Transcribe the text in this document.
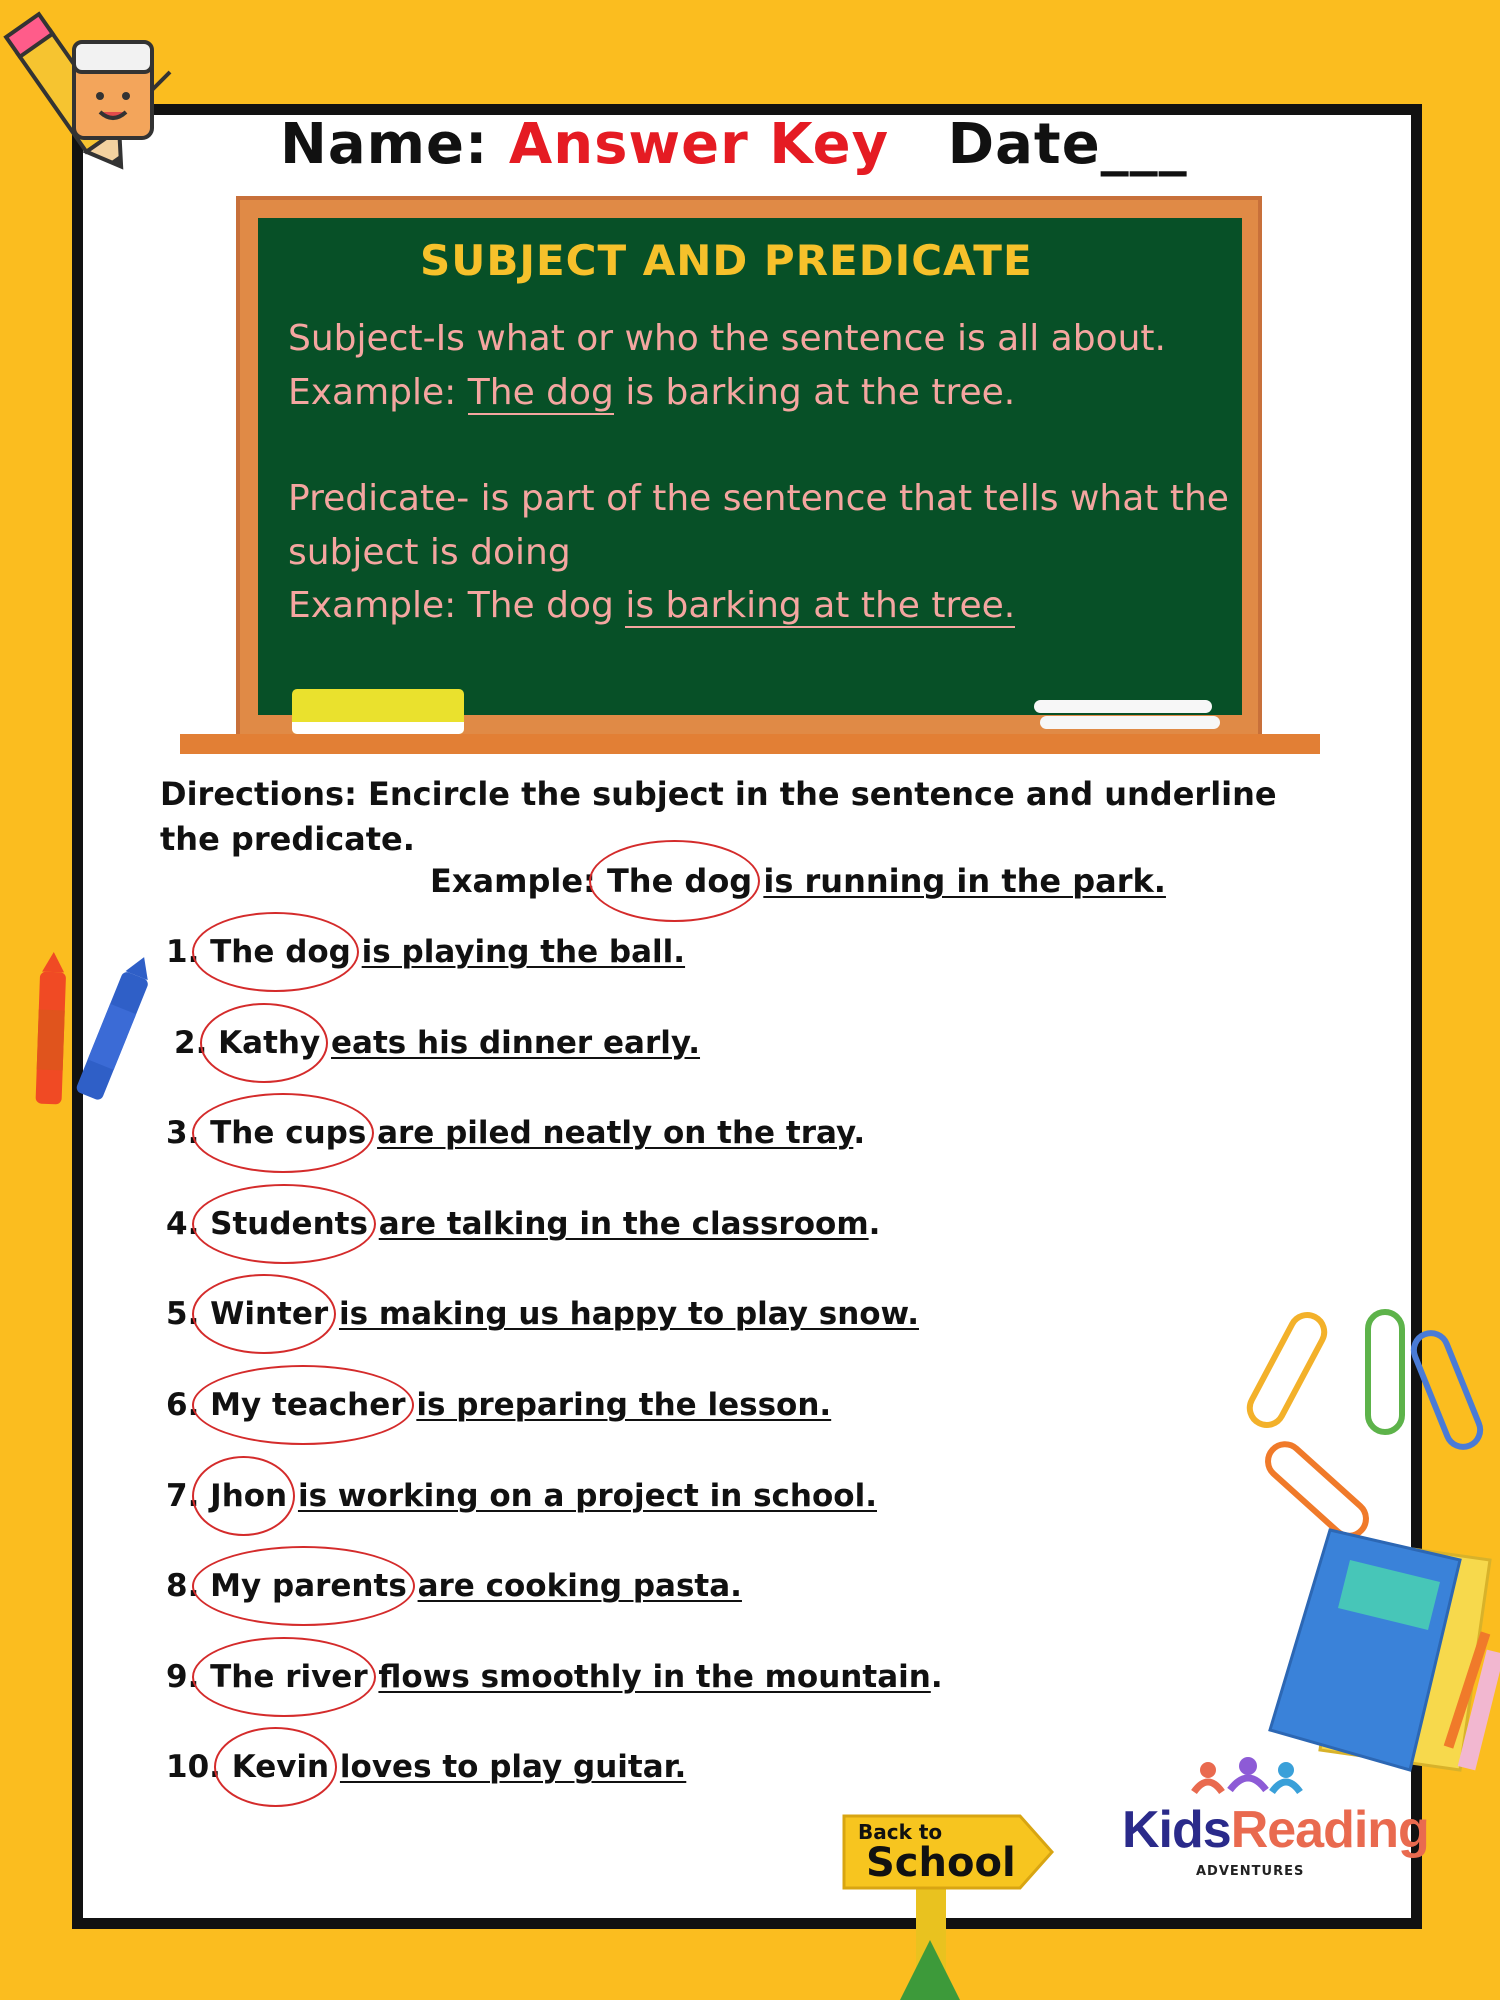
Name: Answer Key Date___
SUBJECT AND PREDICATE
Subject-Is what or who the sentence is all about.
Example: The dog is barking at the tree.
Predicate- is part of the sentence that tells what the
subject is doing
Example: The dog is barking at the tree.
Directions: Encircle the subject in the sentence and underline the predicate.
Example: The dog is running in the park.
1. The dog is playing the ball.
2. Kathy eats his dinner early.
3. The cups are piled neatly on the tray.
4. Students are talking in the classroom.
5. Winter is making us happy to play snow.
6. My teacher is preparing the lesson.
7. Jhon is working on a project in school.
8. My parents are cooking pasta.
9. The river flows smoothly in the mountain.
10. Kevin loves to play guitar.
Back to
School
KidsReading
ADVENTURES
